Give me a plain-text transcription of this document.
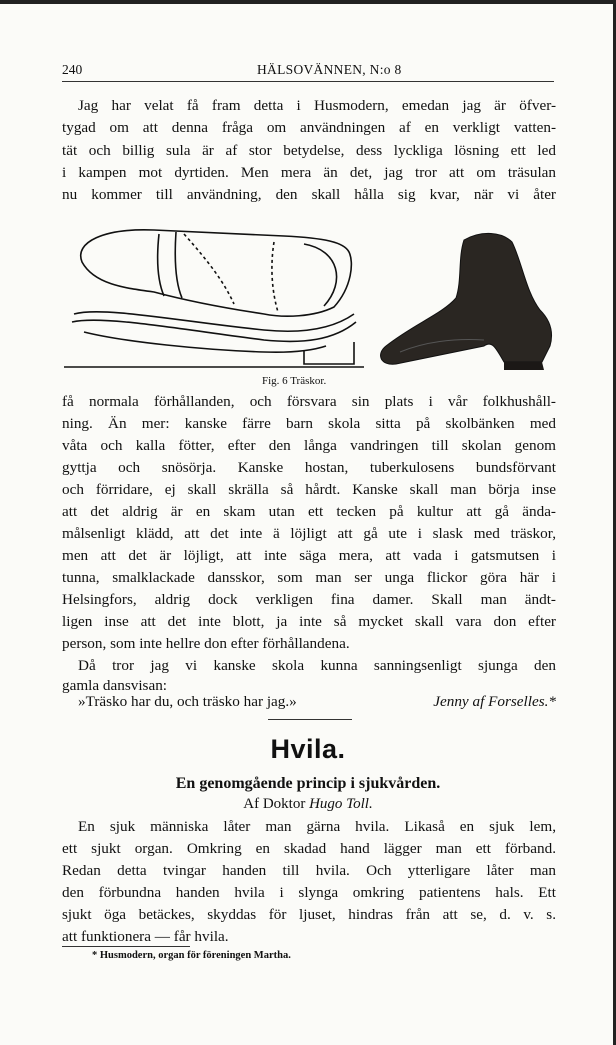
240	HÄLSOVÄNNEN, N:o 8
Jag har velat få fram detta i Husmodern, emedan jag är öfver-
tygad om att denna fråga om användningen af en verkligt vatten-
tät och billig sula är af stor betydelse, dess lyckliga lösning ett led
i kampen mot dyrtiden. Men mera än det, jag tror att om träsulan
nu kommer till användning, den skall hålla sig kvar, när vi åter
Fig. 6 Träskor.
få normala förhållanden, och försvara sin plats i vår folkhushåll-
ning. Än mer: kanske färre barn skola sitta på skolbänken med
våta och kalla fötter, efter den långa vandringen till skolan genom
gyttja och snösörja. Kanske hostan, tuberkulosens bundsförvant
och förridare, ej skall skrälla så hårdt. Kanske skall man börja inse
att det aldrig är en skam utan ett tecken på kultur att gå ända-
målsenligt klädd, att det inte ä löjligt att gå ute i slask med träskor,
men att det är löjligt, att inte säga mera, att vada i gatsmutsen i
tunna, smalklackade dansskor, som man ser unga flickor göra här i
Helsingfors, aldrig dock verkligen fina damer. Skall man ändt-
ligen inse att det inte blott, ja inte så mycket skall vara don efter
person, som inte hellre don efter förhållandena.
Då tror jag vi kanske skola kunna sanningsenligt sjunga den
gamla dansvisan:
»Träsko har du, och träsko har jag.»	Jenny af Forselles.*
Hvila.
En genomgående princip i sjukvården.
Af Doktor Hugo Toll.
En sjuk människa låter man gärna hvila. Likaså en sjuk lem,
ett sjukt organ. Omkring en skadad hand lägger man ett förband.
Redan detta tvingar handen till hvila. Och ytterligare låter man
den förbundna handen hvila i slynga omkring patientens hals. Ett
sjukt öga betäckes, skyddas för ljuset, hindras från att se, d. v. s.
att funktionera — får hvila.
* Husmodern, organ för föreningen Martha.
